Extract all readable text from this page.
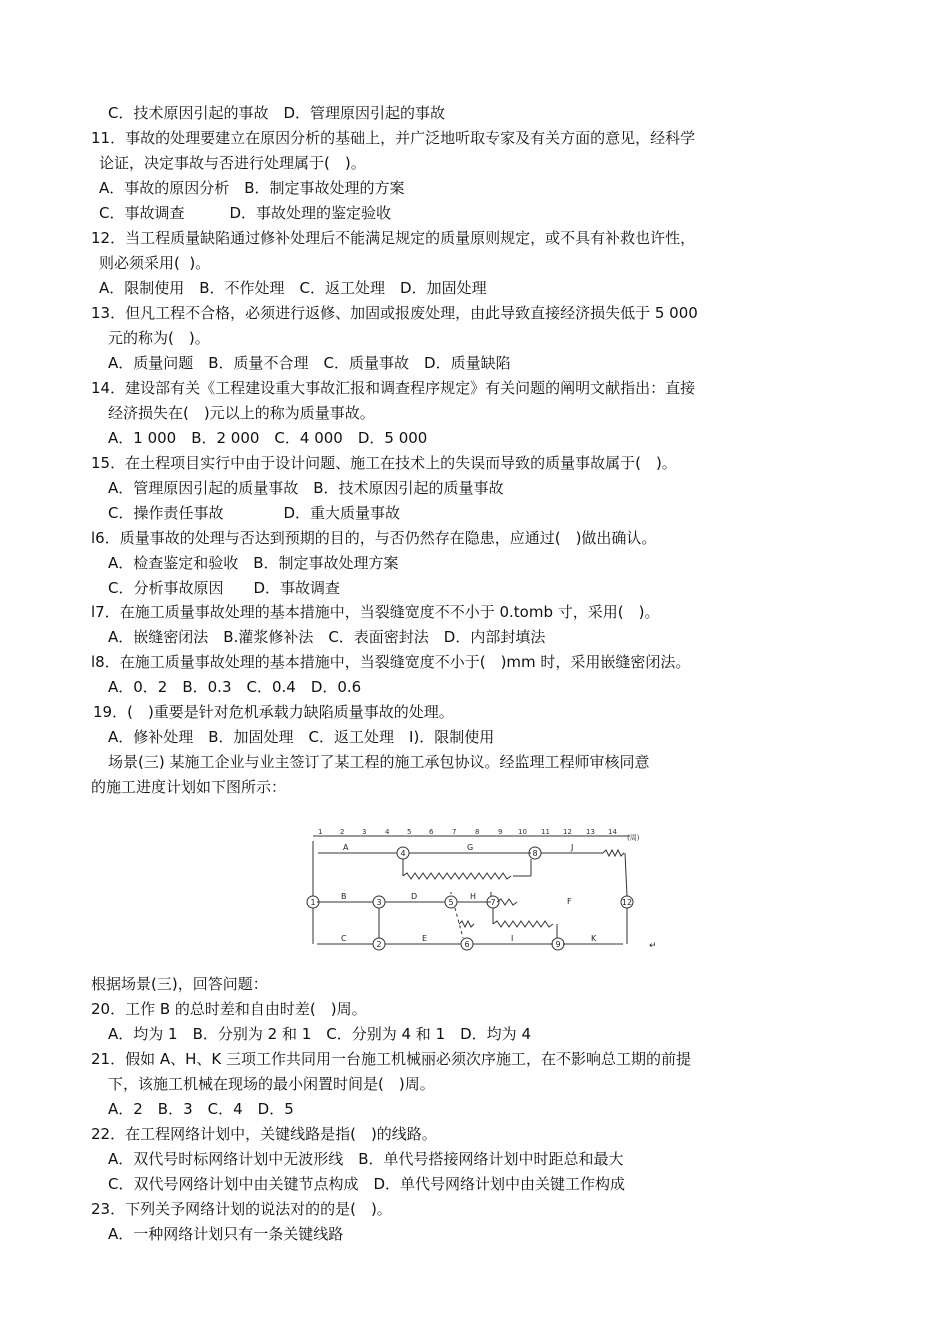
C．技术原因引起的事故　D．管理原因引起的事故
11．事故的处理要建立在原因分析的基础上，并广泛地听取专家及有关方面的意见，经科学
论证，决定事故与否进行处理属于(　)。
A．事故的原因分析　B．制定事故处理的方案
C．事故调查　　　D．事故处理的鉴定验收
12．当工程质量缺陷通过修补处理后不能满足规定的质量原则规定，或不具有补救也许性，
则必须采用(  )。
A．限制使用　B．不作处理　C．返工处理　D．加固处理
13．但凡工程不合格，必须进行返修、加固或报废处理，由此导致直接经济损失低于 5 000
元的称为(　)。
A．质量问题　B．质量不合理　C．质量事故　D．质量缺陷
14．建设部有关《工程建设重大事故汇报和调查程序规定》有关问题的阐明文献指出：直接
经济损失在(　)元以上的称为质量事故。
A．1 000　B．2 000　C．4 000　D．5 000
15．在土程项目实行中由于设计问题、施工在技术上的失误而导致的质量事故属于(　)。
A．管理原因引起的质量事故　B．技术原因引起的质量事故
C．操作责任事故　　　　D．重大质量事故
l6．质量事故的处理与否达到预期的目的，与否仍然存在隐患，应通过(　)做出确认。
A．检查鉴定和验收　B．制定事故处理方案
C．分析事故原因　　D．事故调查
l7．在施工质量事故处理的基本措施中，当裂缝宽度不不小于 0.tomb 寸，采用(　)。
A．嵌缝密闭法　B.灌浆修补法　C．表面密封法　D．内部封填法
l8．在施工质量事故处理的基本措施中，当裂缝宽度不小于(　)mm 时，采用嵌缝密闭法。
A．0．2　B．0.3　C．0.4　D．0.6
19．(　)重要是针对危机承载力缺陷质量事故的处理。
A．修补处理　B．加固处理　C．返工处理　I)．限制使用
场景(三) 某施工企业与业主签订了某工程的施工承包协议。经监理工程师审核同意
的施工进度计划如下图所示：
1	2	3	4	5	6	7	8	9 10 11 12 13 14
(周)
1
2
3
4
5
6
7
8
9
12
A	G	J
B	D	H
F
C	E	I	K
↵
根据场景(三)，回答问题：
20．工作 B 的总时差和自由时差(　)周。
A．均为 1　B．分别为 2 和 1　C．分别为 4 和 1　D．均为 4
21．假如 A、H、K 三项工作共同用一台施工机械丽必须次序施工，在不影响总工期的前提
下，该施工机械在现场的最小闲置时间是(　)周。
A．2　B．3　C．4　D．5
22．在工程网络计划中，关键线路是指(　)的线路。
A．双代号时标网络计划中无波形线　B．单代号搭接网络计划中时距总和最大
C．双代号网络计划中由关键节点构成　D．单代号网络计划中由关键工作构成
23．下列关予网络计划的说法对的的是(　)。
A．一种网络计划只有一条关键线路
